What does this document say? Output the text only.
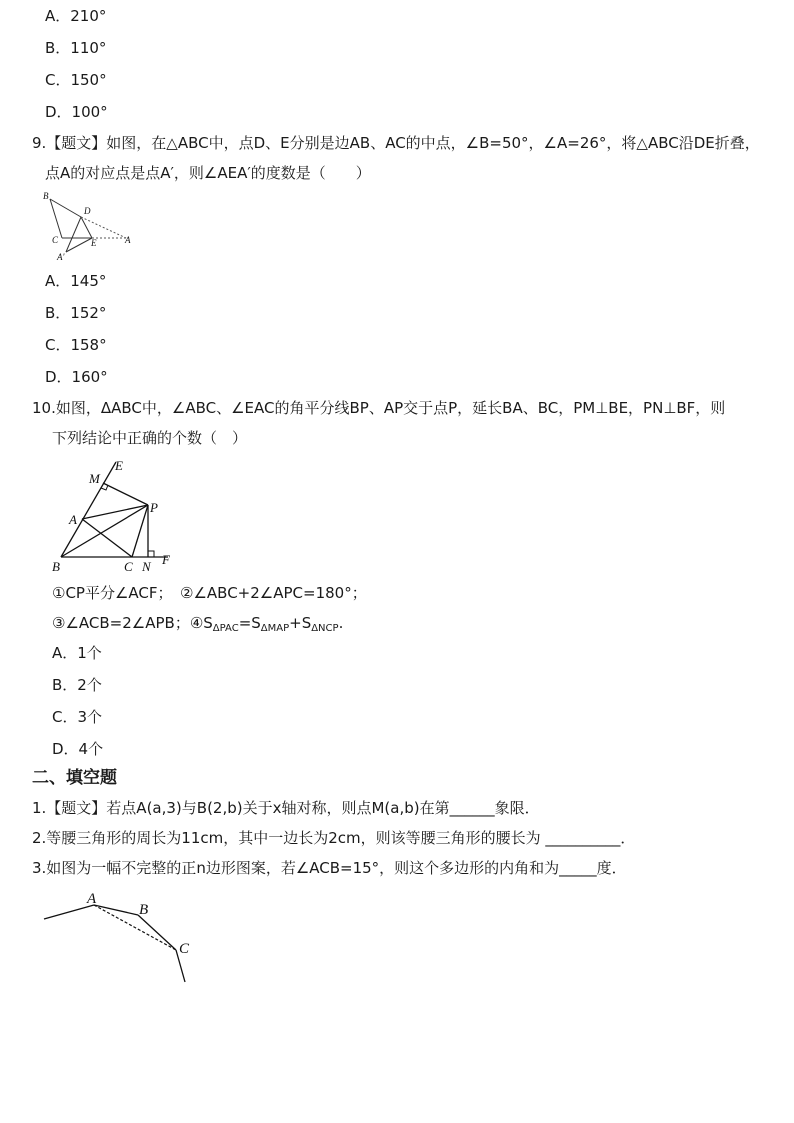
A．210°
B．110°
C．150°
D．100°
9.【题文】如图，在△ABC中，点D、E分别是边AB、AC的中点，∠B=50°，∠A=26°，将△ABC沿DE折叠，
点A的对应点是点A′，则∠AEA′的度数是（　　）
B
D
C	E	A
A'
A．145°
B．152°
C．158°
D．160°
10.如图，ΔABC中，∠ABC、∠EAC的角平分线BP、AP交于点P，延长BA、BC，PM⊥BE，PN⊥BF，则
下列结论中正确的个数（　）
E
M
P
A
B	C N F
①CP平分∠ACF；　②∠ABC+2∠APC=180°；
③∠ACB=2∠APB；$④S_{\Delta PAC}=S_{\Delta MAP}+S_{\Delta NCP}$.
A．1个
B．2个
C．3个
D．4个
二、填空题
1.【题文】若点A(a,3)与B(2,b)关于x轴对称，则点M(a,b)在第______象限．
2.等腰三角形的周长为11cm，其中一边长为2cm，则该等腰三角形的腰长为 __________．
3.如图为一幅不完整的正n边形图案，若∠ACB=15°，则这个多边形的内角和为_____度．
A
B
C
